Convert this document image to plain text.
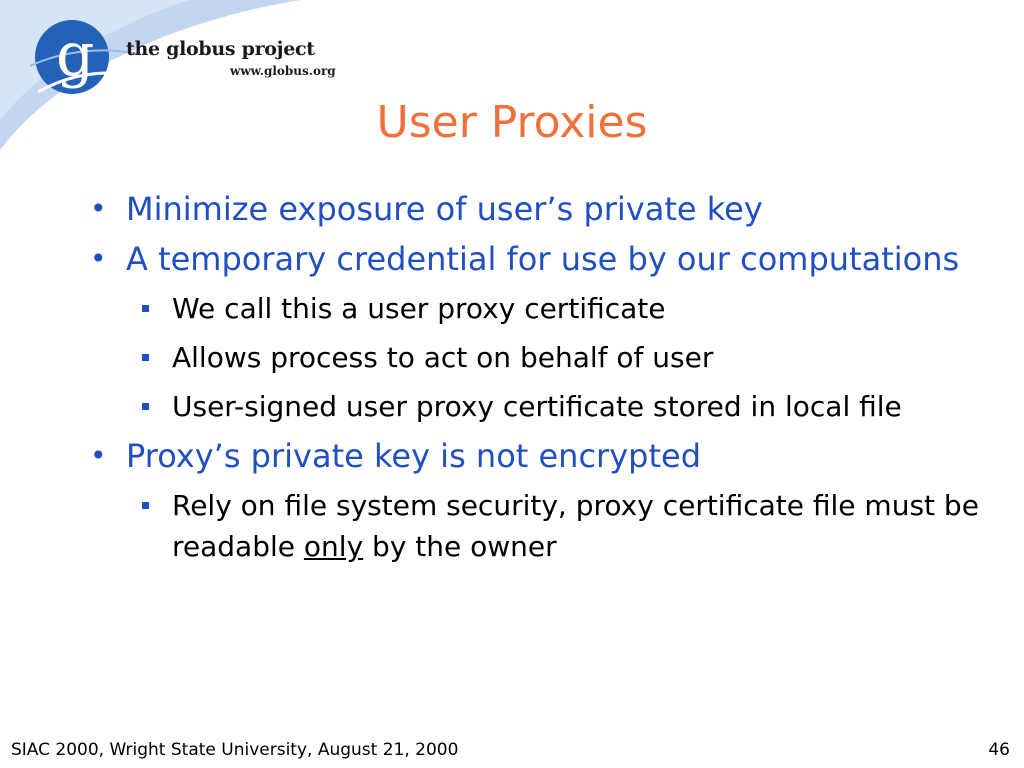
g the globus project
www.globus.org
User Proxies
• Minimize exposure of user’s private key
• A temporary credential for use by our computations
We call this a user proxy certificate
Allows process to act on behalf of user
User-signed user proxy certificate stored in local file
• Proxy’s private key is not encrypted
Rely on file system security, proxy certificate file must be readable only by the owner
SIAC 2000, Wright State University, August 21, 2000	46
